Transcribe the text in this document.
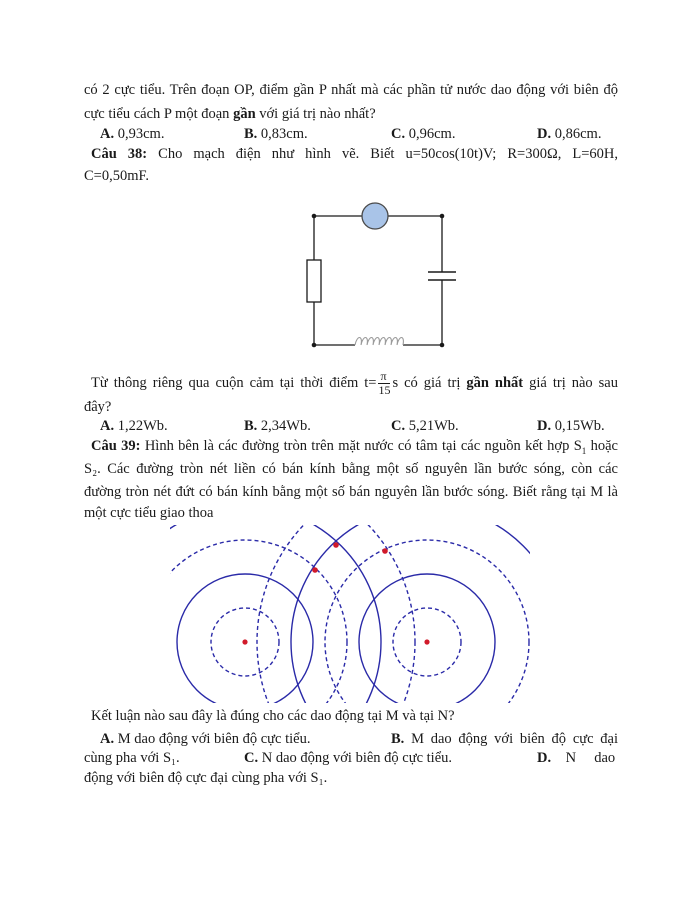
có 2 cực tiểu. Trên đoạn OP, điểm gần P nhất mà các phần tử nước dao động với biên độ
cực tiểu cách P một đoạn gần với giá trị nào nhất?
A. 0,93cm.	B. 0,83cm.	C. 0,96cm.	D. 0,86cm.
Câu 38: Cho mạch điện như hình vẽ. Biết u=50cos(10t)V; R=300Ω, L=60H,
C=0,50mF.
Từ thông riêng qua cuộn cảm tại thời điểm $t= \frac{\pi}{15}$ s có giá trị gần nhất giá trị nào sau
đây?
A. 1,22Wb.	B. 2,34Wb.	C. 5,21Wb.	D. 0,15Wb.
Câu 39: Hình bên là các đường tròn trên mặt nước có tâm tại các nguồn kết hợp $S_1$ hoặc
S₂. Các đường tròn nét liền có bán kính bằng một số nguyên lần bước sóng, còn các
đường tròn nét đứt có bán kính bằng một số bán nguyên lần bước sóng. Biết rằng tại M là
một cực tiểu giao thoa
Kết luận nào sau đây là đúng cho các dao động tại M và tại N?
A. M dao động với biên độ cực tiểu.	B. M dao động với biên độ cực đại
cùng pha với S₁.	C. N dao động với biên độ cực tiểu.	D. N     dao
động với biên độ cực đại cùng pha với S₁.
